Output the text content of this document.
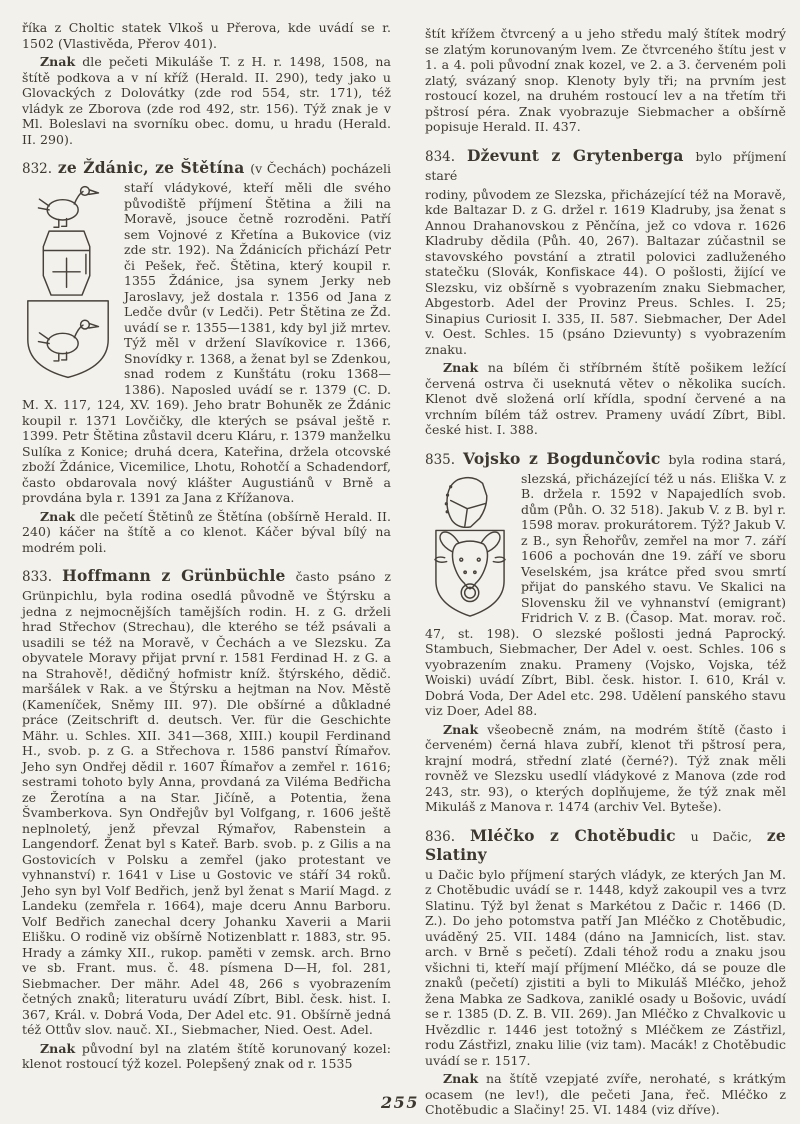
říka z Choltic statek Vlkoš u Přerova, kde uvádí se r. 1502 (Vlastivěda, Přerov 401).

Znak dle pečeti Mikuláše T. z H. r. 1498, 1508, na štítě podkova a v ní kříž (Herald. II. 290), tedy jako u Glovackých z Dolovátky (zde rod 554, str. 171), též vládyk ze Zborova (zde rod 492, str. 156). Týž znak je v Ml. Boleslavi na svorníku obec. domu, u hradu (Herald. II. 290).

832. ze Ždánic, ze Štětína (v Čechách) pocházeli

staří vládykové, kteří měli dle svého původiště příjmení Štětina a žili na Moravě, jsouce četně rozroděni. Patří sem Vojnové z Křetína a Bukovice (viz zde str. 192). Na Ždánicích přichází Petr či Pešek, řeč. Štětina, který koupil r. 1355 Ždánice, jsa synem Jerky neb Jaroslavy, jež dostala r. 1356 od Jana z Ledče dvůr (v Ledči). Petr Štětina ze Žd. uvádí se r. 1355—1381, kdy byl již mrtev. Týž měl v držení Slavíkovice r. 1366, Snovídky r. 1368, a ženat byl se Zdenkou, snad rodem z Kunštátu (roku 1368—1386). Naposled uvádí se r. 1379 (C. D. M. X. 117, 124, XV. 169). Jeho bratr Bohuněk ze Ždánic koupil r. 1371 Lovčičky, dle kterých se psával ještě r. 1399. Petr Štětina zůstavil dceru Kláru, r. 1379 manželku Sulíka z Konice; druhá dcera, Kateřina, držela otcovské zboží Ždánice, Vicemilice, Lhotu, Rohotčí a Schadendorf, často obdarovala nový klášter Augustiánů v Brně a provdána byla r. 1391 za Jana z Křížanova.

Znak dle pečetí Štětinů ze Štětína (obšírně Herald. II. 240) káčer na štítě a co klenot. Káčer býval bílý na modrém poli.

833. Hoffmann z Grünbüchle často psáno z

Grünpichlu, byla rodina osedlá původně ve Štýrsku a jedna z nejmocnějších tamějších rodin. H. z G. drželi hrad Střechov (Strechau), dle kterého se též psávali a usadili se též na Moravě, v Čechách a ve Slezsku. Za obyvatele Moravy přijat první r. 1581 Ferdinad H. z G. a na Strahově!, dědičný hofmistr kníž. štýrského, dědič. maršálek v Rak. a ve Štýrsku a hejtman na Nov. Městě (Kameníček, Sněmy III. 97). Dle obšírné a důkladné práce (Zeitschrift d. deutsch. Ver. für die Geschichte Mähr. u. Schles. XII. 341—368, XIII.) koupil Ferdinand H., svob. p. z G. a Střechova r. 1586 panství Římařov. Jeho syn Ondřej dědil r. 1607 Římařov a zemřel r. 1616; sestrami tohoto byly Anna, provdaná za Viléma Bedřicha ze Žerotína a na Star. Jičíně, a Potentia, žena Švamberkova. Syn Ondřejův byl Volfgang, r. 1606 ještě neplnoletý, jenž převzal Rýmařov, Rabenstein a Langendorf. Ženat byl s Kateř. Barb. svob. p. z Gilis a na Gostovicích v Polsku a zemřel (jako protestant ve vyhnanství) r. 1641 v Lise u Gostovic ve stáří 34 roků. Jeho syn byl Volf Bedřich, jenž byl ženat s Marií Magd. z Landeku (zemřela r. 1664), maje dceru Annu Barboru. Volf Bedřich zanechal dcery Johanku Xaverii a Marii Elišku. O rodině viz obšírně Notizenblatt r. 1883, str. 95. Hrady a zámky XII., rukop. paměti v zemsk. arch. Brno ve sb. Frant. mus. č. 48. písmena D—H, fol. 281, Siebmacher. Der mähr. Adel 48, 266 s vyobrazením četných znaků; literaturu uvádí Zíbrt, Bibl. česk. hist. I. 367, Král. v. Dobrá Voda, Der Adel etc. 91. Obšírně jedná též Ottův slov. nauč. XI., Siebmacher, Nied. Oest. Adel.

Znak původní byl na zlatém štítě korunovaný kozel: klenot rostoucí týž kozel. Polepšený znak od r. 1535

štít křížem čtvrcený a u jeho středu malý štítek modrý se zlatým korunovaným lvem. Ze čtvrceného štítu jest v 1. a 4. poli původní znak kozel, ve 2. a 3. červeném poli zlatý, svázaný snop. Klenoty byly tři; na prvním jest rostoucí kozel, na druhém rostoucí lev a na třetím tři pštrosí péra. Znak vyobrazuje Siebmacher a obšírně popisuje Herald. II. 437.

834. Dževunt z Grytenberga bylo příjmení staré

rodiny, původem ze Slezska, přicházející též na Moravě, kde Baltazar D. z G. držel r. 1619 Kladruby, jsa ženat s Annou Drahanovskou z Pěnčína, jež co vdova r. 1626 Kladruby dědila (Půh. 40, 267). Baltazar zúčastnil se stavovského povstání a ztratil polovici zadluženého statečku (Slovák, Konfiskace 44). O pošlosti, žijící ve Slezsku, viz obšírně s vyobrazením znaku Siebmacher, Abgestorb. Adel der Provinz Preus. Schles. I. 25; Sinapius Curiosit I. 335, II. 587. Siebmacher, Der Adel v. Oest. Schles. 15 (psáno Dzievunty) s vyobrazením znaku.

Znak na bílém či stříbrném štítě pošikem ležící červená ostrva či useknutá větev o několika sucích. Klenot dvě složená orlí křídla, spodní červené a na vrchním bílém táž ostrev. Prameny uvádí Zíbrt, Bibl. české hist. I. 388.

835. Vojsko z Bogdunčovic byla rodina stará,

slezská, přicházející též u nás. Eliška V. z B. držela r. 1592 v Napajedlích svob. dům (Půh. O. 32 518). Jakub V. z B. byl r. 1598 morav. prokurátorem. Týž? Jakub V. z B., syn Řehořův, zemřel na mor 7. září 1606 a pochován dne 19. září ve sboru Veselském, jsa krátce před svou smrtí přijat do panského stavu. Ve Skalici na Slovensku žil ve vyhnanství (emigrant) Fridrich V. z B. (Časop. Mat. morav. roč. 47, st. 198). O slezské pošlosti jedná Paprocký. Stambuch, Siebmacher, Der Adel v. oest. Schles. 106 s vyobrazením znaku. Prameny (Vojsko, Vojska, též Woiski) uvádí Zíbrt, Bibl. česk. histor. I. 610, Král v. Dobrá Voda, Der Adel etc. 298. Udělení panského stavu viz Doer, Adel 88.

Znak všeobecně znám, na modrém štítě (často i červeném) černá hlava zubří, klenot tři pštrosí pera, krajní modrá, střední zlaté (černé?). Týž znak měli rovněž ve Slezsku usedlí vládykové z Manova (zde rod 243, str. 93), o kterých doplňujeme, že týž znak měl Mikuláš z Manova r. 1474 (archiv Vel. Byteše).

836. Mléčko z Chotěbudic u Dačic, ze Slatiny

u Dačic bylo příjmení starých vládyk, ze kterých Jan M. z Chotěbudic uvádí se r. 1448, když zakoupil ves a tvrz Slatinu. Týž byl ženat s Markétou z Dačic r. 1466 (D. Z.). Do jeho potomstva patří Jan Mléčko z Chotěbudic, uváděný 25. VII. 1484 (dáno na Jamnicích, list. stav. arch. v Brně s pečetí). Zdali téhož rodu a znaku jsou všichni ti, kteří mají příjmení Mléčko, dá se pouze dle znaků (pečetí) zjistiti a byli to Mikuláš Mléčko, jehož žena Mabka ze Sadkova, zaniklé osady u Bošovic, uvádí se r. 1385 (D. Z. B. VII. 269). Jan Mléčko z Chvalkovic u Hvězdlic r. 1446 jest totožný s Mléčkem ze Zástřizl, rodu Zástřizl, znaku lilie (viz tam). Macák! z Chotěbudic uvádí se r. 1517.

Znak na štítě vzepjaté zvíře, nerohaté, s krátkým ocasem (ne lev!), dle pečeti Jana, řeč. Mléčko z Chotěbudic a Slačiny! 25. VI. 1484 (viz dříve).

255
